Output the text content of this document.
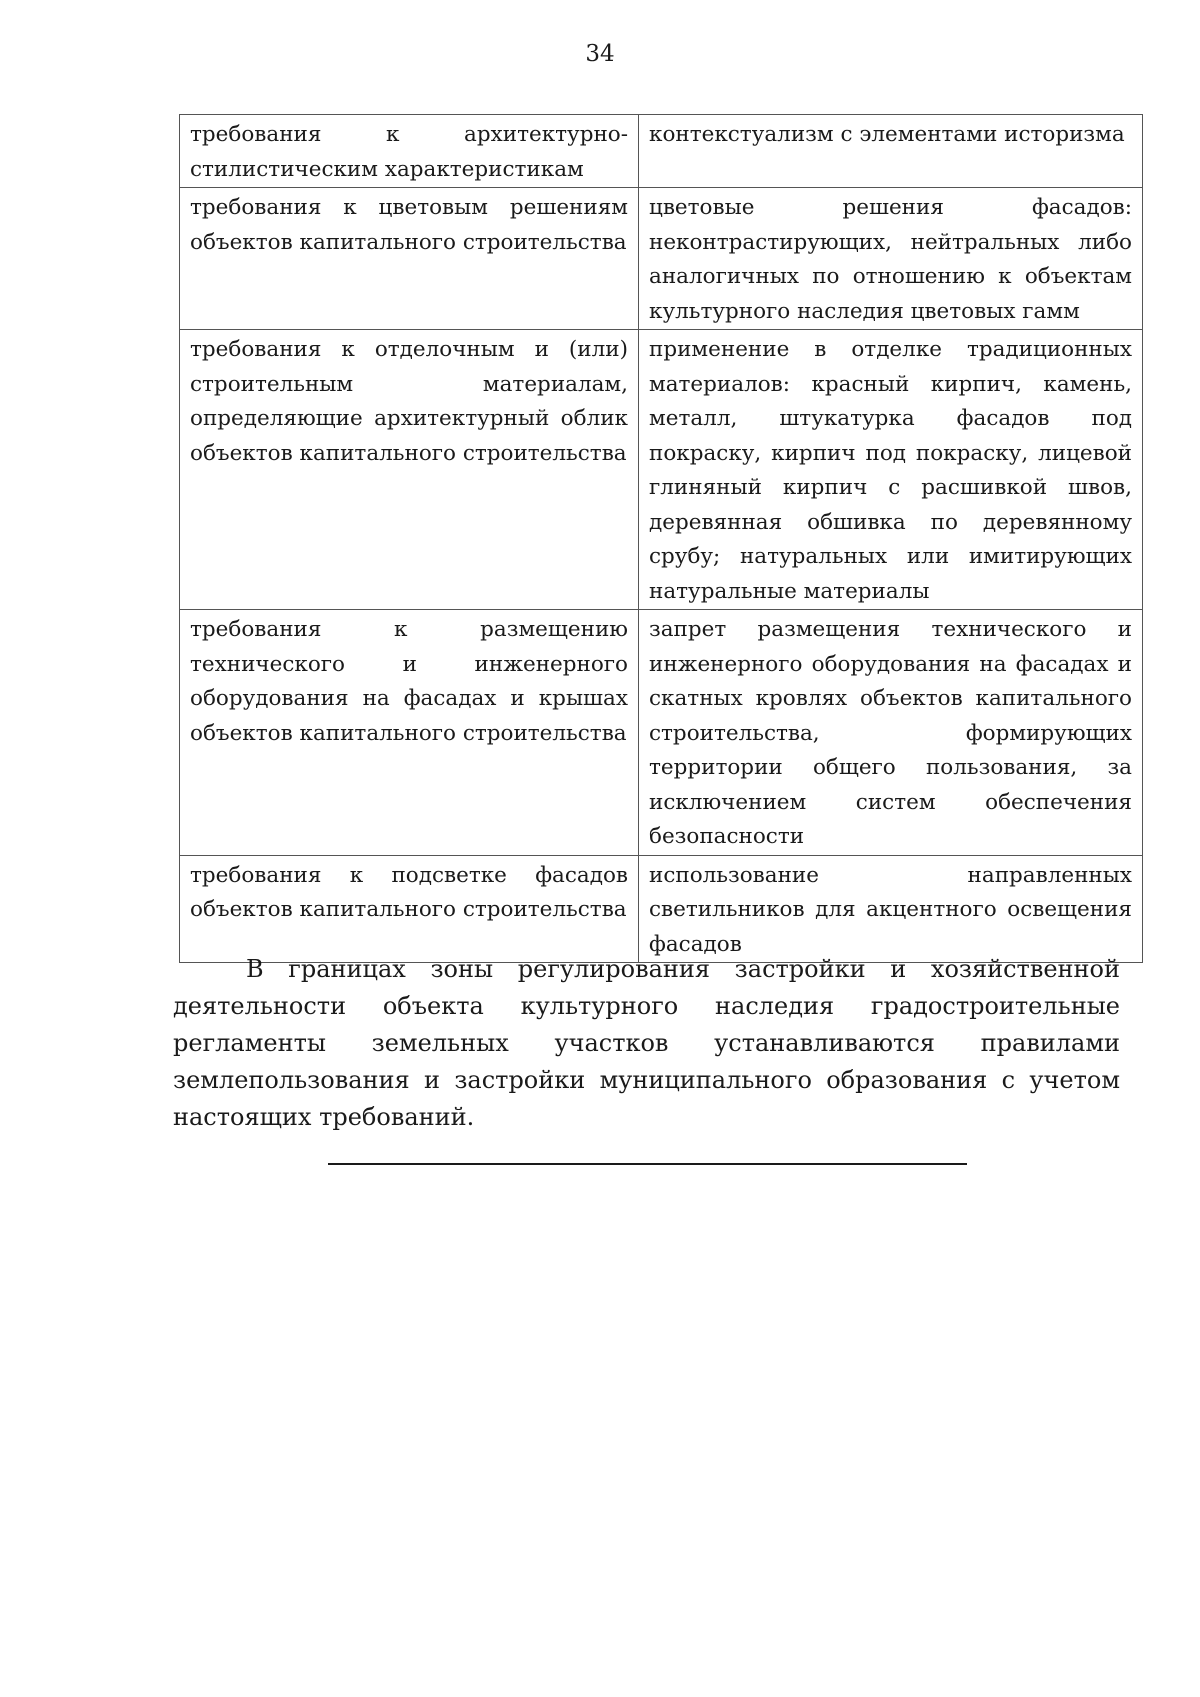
34
требования к архитектурно-стилистическим характеристикам	контекстуализм с элементами историзма
требования к цветовым решениям объектов капитального строительства	цветовые решения фасадов: неконтрастирующих, нейтральных либо аналогичных по отношению к объектам культурного наследия цветовых гамм
требования к отделочным и (или) строительным материалам, определяющие архитектурный облик объектов капитального строительства	применение в отделке традиционных материалов: красный кирпич, камень, металл, штукатурка фасадов под покраску, кирпич под покраску, лицевой глиняный кирпич с расшивкой швов, деревянная обшивка по деревянному срубу; натуральных или имитирующих натуральные материалы
требования к размещению технического и инженерного оборудования на фасадах и крышах объектов капитального строительства	запрет размещения технического и инженерного оборудования на фасадах и скатных кровлях объектов капитального строительства, формирующих территории общего пользования, за исключением систем обеспечения безопасности
требования к подсветке фасадов объектов капитального строительства	использование направленных светильников для акцентного освещения фасадов

В границах зоны регулирования застройки и хозяйственной деятельности объекта культурного наследия градостроительные регламенты земельных участков устанавливаются правилами землепользования и застройки муниципального образования с учетом настоящих требований.
